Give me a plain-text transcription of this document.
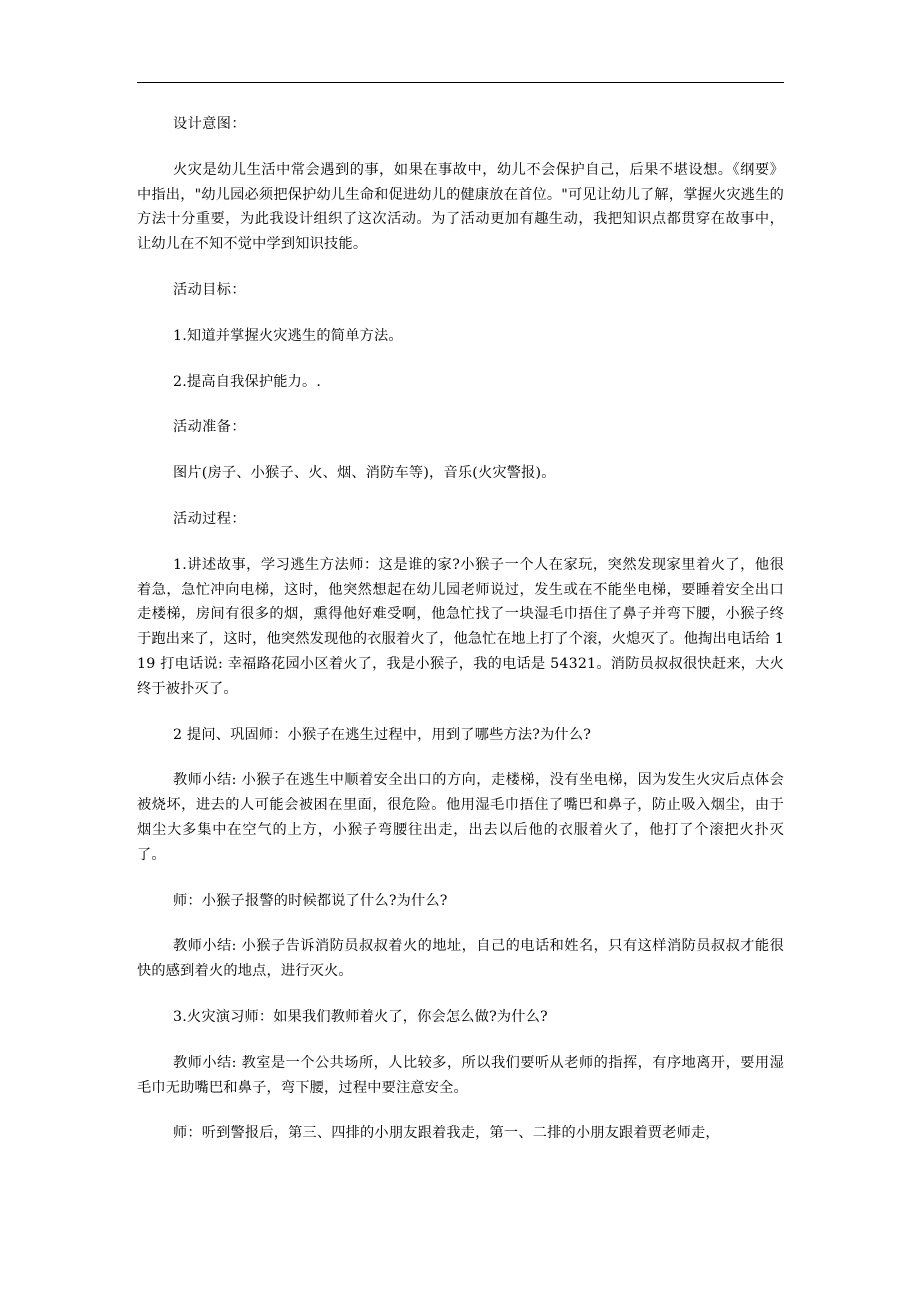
设计意图：

火灾是幼儿生活中常会遇到的事，如果在事故中，幼儿不会保护自己，后果不堪设想。《纲要》中指出，"幼儿园必须把保护幼儿生命和促进幼儿的健康放在首位。"可见让幼儿了解，掌握火灾逃生的方法十分重要，为此我设计组织了这次活动。为了活动更加有趣生动，我把知识点都贯穿在故事中，让幼儿在不知不觉中学到知识技能。

活动目标：

1.知道并掌握火灾逃生的简单方法。

2.提高自我保护能力。.

活动准备：

图片(房子、小猴子、火、烟、消防车等)，音乐(火灾警报)。

活动过程：

1.讲述故事，学习逃生方法师：这是谁的家?小猴子一个人在家玩，突然发现家里着火了，他很着急，急忙冲向电梯，这时，他突然想起在幼儿园老师说过，发生或在不能坐电梯，要睡着安全出口走楼梯，房间有很多的烟，熏得他好难受啊，他急忙找了一块湿毛巾捂住了鼻子并弯下腰，小猴子终于跑出来了，这时，他突然发现他的衣服着火了，他急忙在地上打了个滚，火熄灭了。他掏出电话给 119 打电话说: 幸福路花园小区着火了，我是小猴子，我的电话是 54321。消防员叔叔很快赶来，大火终于被扑灭了。

2 提问、巩固师：小猴子在逃生过程中，用到了哪些方法?为什么?

教师小结: 小猴子在逃生中顺着安全出口的方向，走楼梯，没有坐电梯，因为发生火灾后点体会被烧坏，进去的人可能会被困在里面，很危险。他用湿毛巾捂住了嘴巴和鼻子，防止吸入烟尘，由于烟尘大多集中在空气的上方，小猴子弯腰往出走，出去以后他的衣服着火了，他打了个滚把火扑灭了。

师：小猴子报警的时候都说了什么?为什么?

教师小结: 小猴子告诉消防员叔叔着火的地址，自己的电话和姓名，只有这样消防员叔叔才能很快的感到着火的地点，进行灭火。

3.火灾演习师：如果我们教师着火了，你会怎么做?为什么?

教师小结: 教室是一个公共场所，人比较多，所以我们要听从老师的指挥，有序地离开，要用湿毛巾无助嘴巴和鼻子，弯下腰，过程中要注意安全。

师：听到警报后，第三、四排的小朋友跟着我走，第一、二排的小朋友跟着贾老师走，
